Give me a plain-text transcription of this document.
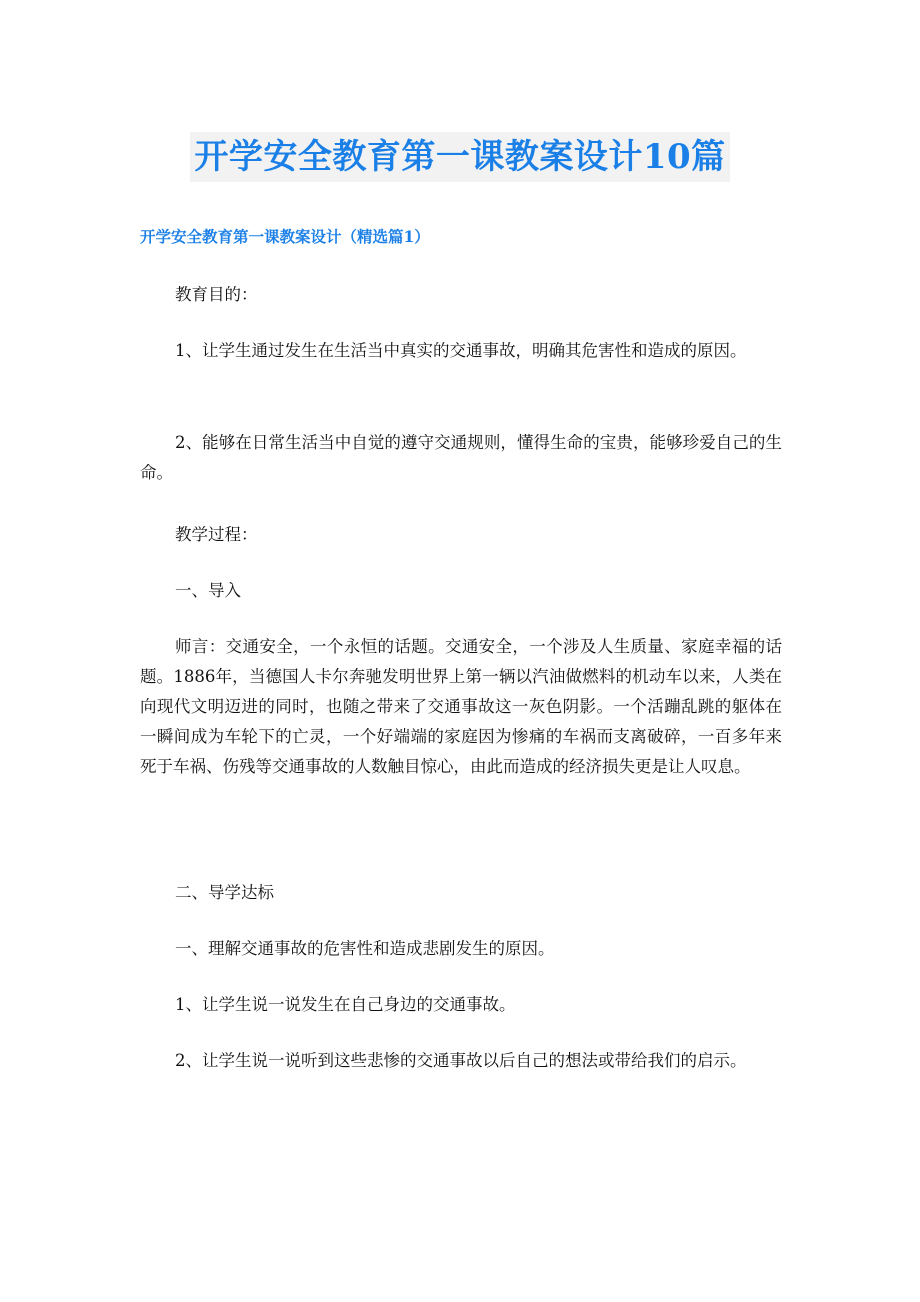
开学安全教育第一课教案设计10篇
开学安全教育第一课教案设计（精选篇1）

教育目的：

1、让学生通过发生在生活当中真实的交通事故，明确其危害性和造成的原因。

2、能够在日常生活当中自觉的遵守交通规则，懂得生命的宝贵，能够珍爱自己的生命。

教学过程：

一、导入

师言：交通安全，一个永恒的话题。交通安全，一个涉及人生质量、家庭幸福的话题。1886年，当德国人卡尔奔驰发明世界上第一辆以汽油做燃料的机动车以来，人类在向现代文明迈进的同时，也随之带来了交通事故这一灰色阴影。一个活蹦乱跳的躯体在一瞬间成为车轮下的亡灵，一个好端端的家庭因为惨痛的车祸而支离破碎，一百多年来死于车祸、伤残等交通事故的人数触目惊心，由此而造成的经济损失更是让人叹息。

二、导学达标

一、理解交通事故的危害性和造成悲剧发生的原因。

1、让学生说一说发生在自己身边的交通事故。

2、让学生说一说听到这些悲惨的交通事故以后自己的想法或带给我们的启示。
